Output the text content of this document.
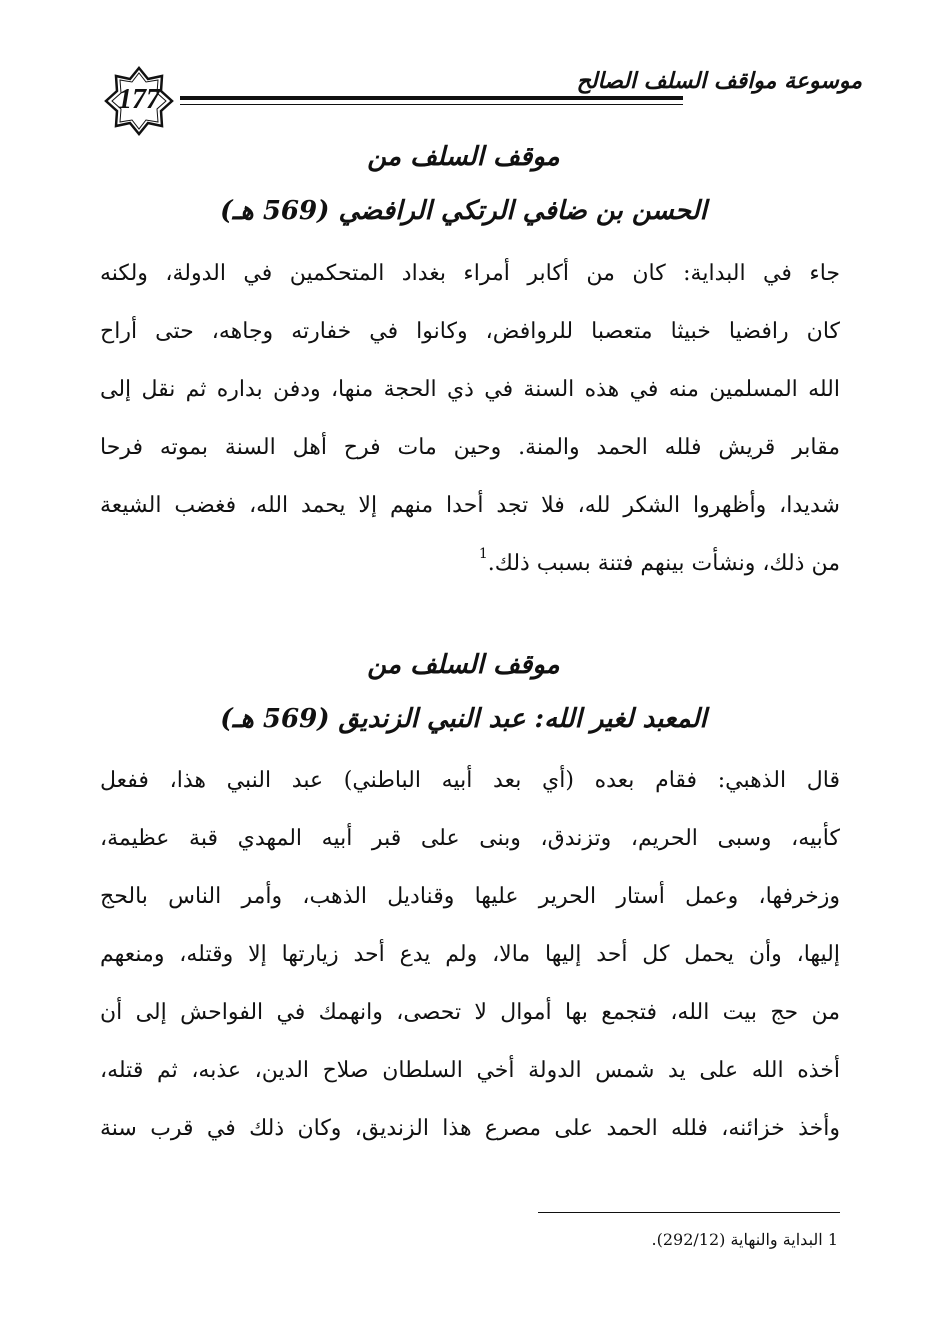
177
موسوعة مواقف السلف الصالح
موقف السلف من
الحسن بن ضافي الرتكي الرافضي (569 هـ)
جاء في البداية: كان من أكابر أمراء بغداد المتحكمين في الدولة، ولكنه
كان رافضيا خبيثا متعصبا للروافض، وكانوا في خفارته وجاهه، حتى أراح
الله المسلمين منه في هذه السنة في ذي الحجة منها، ودفن بداره ثم نقل إلى
مقابر قريش فلله الحمد والمنة. وحين مات فرح أهل السنة بموته فرحا
شديدا، وأظهروا الشكر لله، فلا تجد أحدا منهم إلا يحمد الله، فغضب الشيعة
من ذلك، ونشأت بينهم فتنة بسبب ذلك.$^1$
موقف السلف من
المعبد لغير الله: عبد النبي الزنديق (569 هـ)
قال الذهبي: فقام بعده (أي بعد أبيه الباطني) عبد النبي هذا، ففعل
كأبيه، وسبى الحريم، وتزندق، وبنى على قبر أبيه المهدي قبة عظيمة،
وزخرفها، وعمل أستار الحرير عليها وقناديل الذهب، وأمر الناس بالحج
إليها، وأن يحمل كل أحد إليها مالا، ولم يدع أحد زيارتها إلا وقتله، ومنعهم
من حج بيت الله، فتجمع بها أموال لا تحصى، وانهمك في الفواحش إلى أن
أخذه الله على يد شمس الدولة أخي السلطان صلاح الدين، عذبه، ثم قتله،
وأخذ خزائنه، فلله الحمد على مصرع هذا الزنديق، وكان ذلك في قرب سنة
1 البداية والنهاية (292/12).
